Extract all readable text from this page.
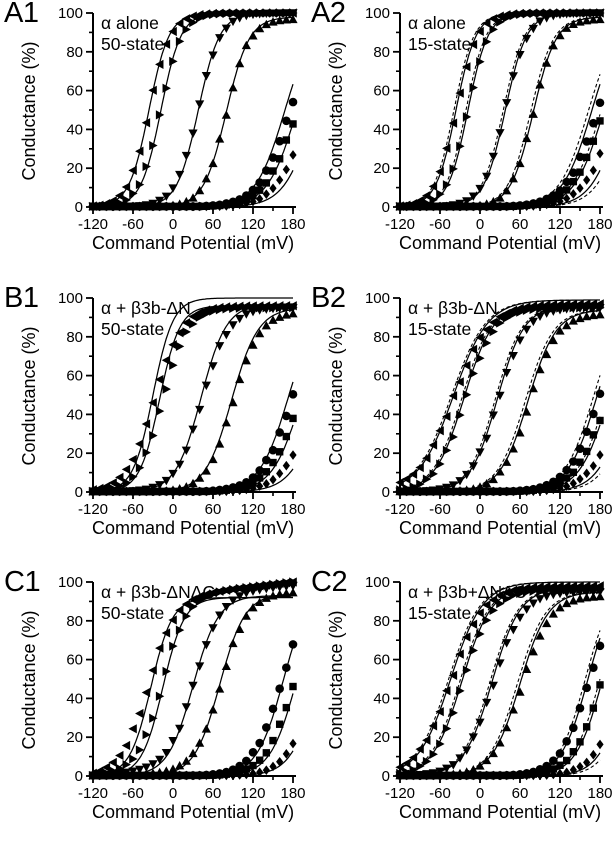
-120 -60 0 60 120 180
0
20
40
60
80
100
A1
Conductance (%)
α alone
50-state
Command Potential (mV)
-120 -60 0 60 120 180
0
20
40
60
80
100
A2
Conductance (%)
α alone
15-state
Command Potential (mV)
-120 -60 0 60 120 180
0
20
40
60
80
100
B1
Conductance (%)
α + β3b-ΔN
50-state
Command Potential (mV)
-120 -60 0 60 120 180
0
20
40
60
80
100
B2
Conductance (%)
α + β3b-ΔN
15-state
Command Potential (mV)
-120 -60 0 60 120 180
0
20
40
60
80
100
C1
Conductance (%)
α + β3b-ΔNΔC
50-state
Command Potential (mV)
-120 -60 0 60 120 180
0
20
40
60
80
100
C2
Conductance (%)
α + β3b+ΔNΔC
15-state
Command Potential (mV)
